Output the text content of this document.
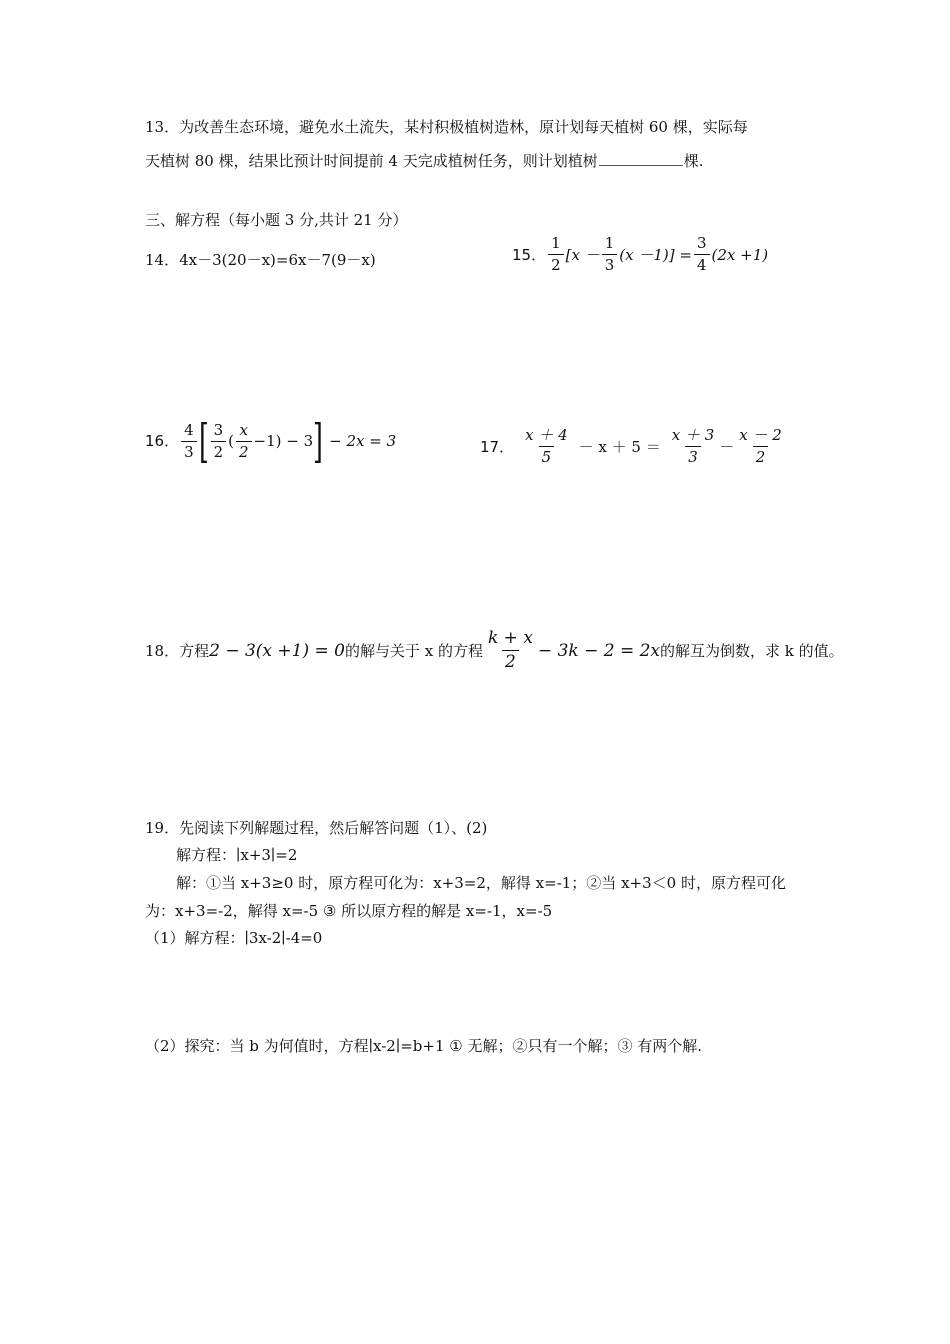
13．为改善生态环境，避免水土流失，某村积极植树造林，原计划每天植树 60 棵，实际每
天植树 80 棵，结果比预计时间提前 4 天完成植树任务，则计划植树	棵.
三、解方程（每小题 3 分,共计 21 分）
14．4x－3(20－x)=6x－7(9－x)	15． $\frac{1}{2} [x - \frac{1}{3} (x -1)] = \frac{3}{4} (2x +1)$
16． $\frac{4}{3}$ [ $\frac{3}{2}$ ( $\frac{x}{2} -1) - 3$ ] − 2x = 3	17． $\frac{x + 4}{5} - x + 5 = \frac{x + 3}{3} - \frac{x - 2}{2}$
18．方程 2 − 3(x +1) = 0 的解与关于 x 的方程 $\frac{k + x}{2} - 3k - 2 = 2x$ 的解互为倒数，求 k 的值。
19．先阅读下列解题过程，然后解答问题（1）、(2)
解方程：∣x+3∣=2
解：①当 x+3≥0 时，原方程可化为：x+3=2，解得 x=-1；②当 x+3＜0 时，原方程可化
为：x+3=-2，解得 x=-5 ③ 所以原方程的解是 x=-1，x=-5
（1）解方程：∣3x-2∣-4=0
（2）探究：当 b 为何值时，方程∣x-2∣=b+1 ① 无解；②只有一个解；③ 有两个解.
